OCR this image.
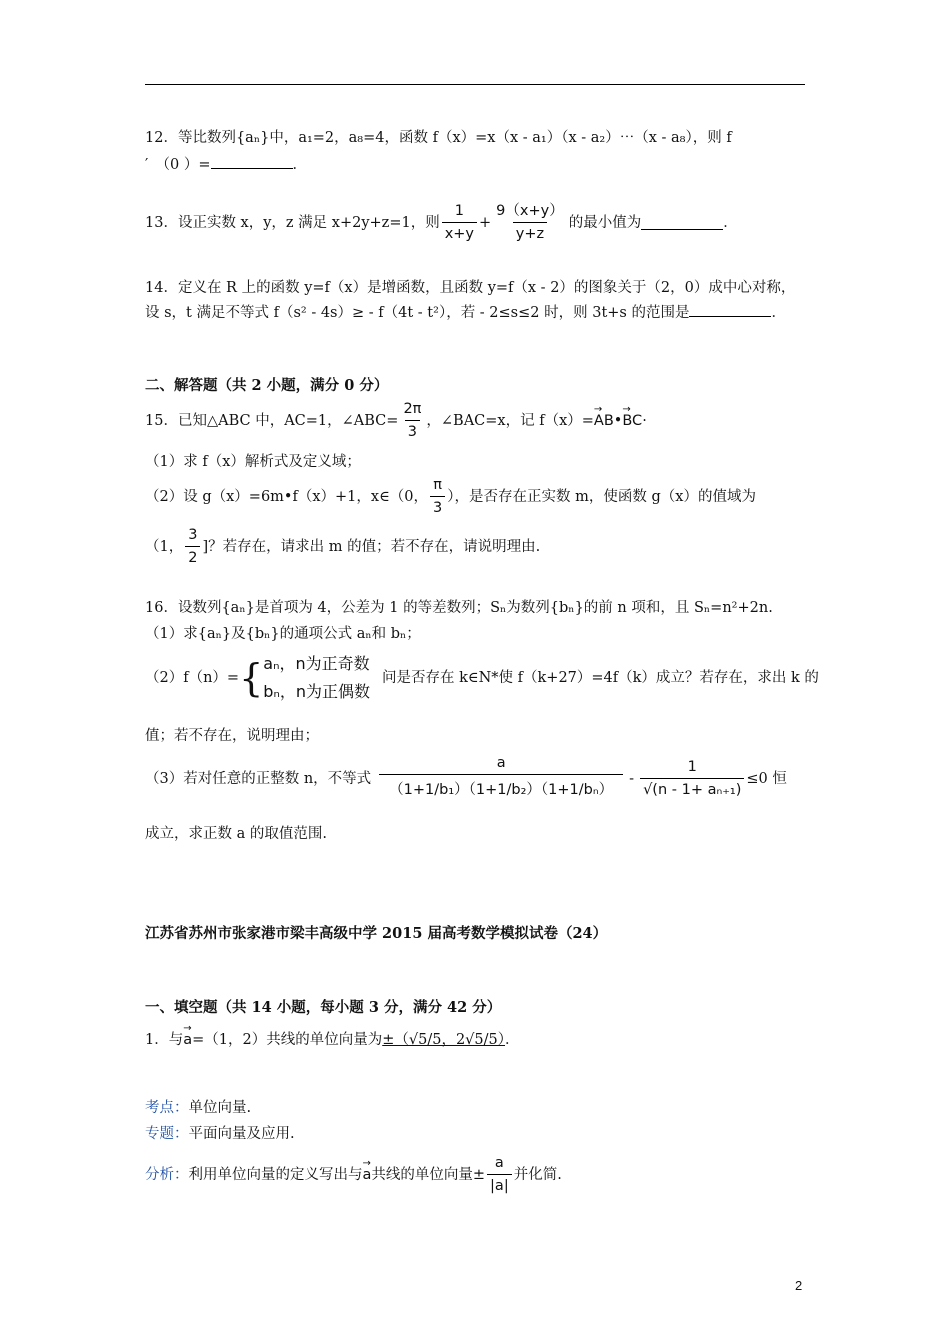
12．等比数列{aₙ}中，a₁=2，a₈=4，函数 f（x）=x（x - a₁）（x - a₂）⋯（x - a₈），则 f
′　（0 ）=	．
13．设正实数 x，y，z 满足 x+2y+z=1，则 $\frac{1}{x+y} + \frac{9(x+y)}{y+z}$ 的最小值为	．
14．定义在 R 上的函数 y=f（x）是增函数，且函数 y=f（x - 2）的图象关于（2，0）成中心对称，
设 s，t 满足不等式 f（s² - 4s）≥ - f（4t - t²），若 - 2≤s≤2 时，则 3t+s 的范围是	．
二、解答题（共 2 小题，满分 0 分）
15．已知△ABC 中，AC=1，∠ABC= $\frac{2\pi}{3}$ ，∠BAC=x，记 f（x）= → AB • → BC ·
（1）求 f（x）解析式及定义域；
（2）设 g（x）=6m•f（x）+1，x∈（0， $\frac{\pi}{3}$ ），是否存在正实数 m，使函数 g（x）的值域为
（1， $\frac{3}{2}$ ]？若存在，请求出 m 的值；若不存在，请说明理由.
16．设数列{aₙ}是首项为 4，公差为 1 的等差数列；Sₙ为数列{bₙ}的前 n 项和，且 Sₙ=n²+2n.
（1）求{aₙ}及{bₙ}的通项公式 aₙ和 bₙ；
（2）f（n）= { aₙ，n为正奇数
bₙ，n为正偶数
问是否存在 k∈N*使 f（k+27）=4f（k）成立？若存在，求出 k 的
值；若不存在，说明理由；
（3）若对任意的正整数 n，不等式 $\frac{a}{\text{（1+1/b₁）（1+1/b₂）（1+1/bₙ）}} - \frac{1}{\text{√(n - 1+ aₙ₊₁)}} \le 0$ 恒
成立，求正数 a 的取值范围.
江苏省苏州市张家港市梁丰高级中学 2015 届高考数学模拟试卷（24）
一、填空题（共 14 小题，每小题 3 分，满分 42 分）
1．与→ a=（1，2）共线的单位向量为±（√5/5，2√5/5）．
考点：单位向量.
专题：平面向量及应用.
分析： 利用单位向量的定义写出与 → a 共线的单位向量± $\frac{a}{|a|}$ 并化简.
2
